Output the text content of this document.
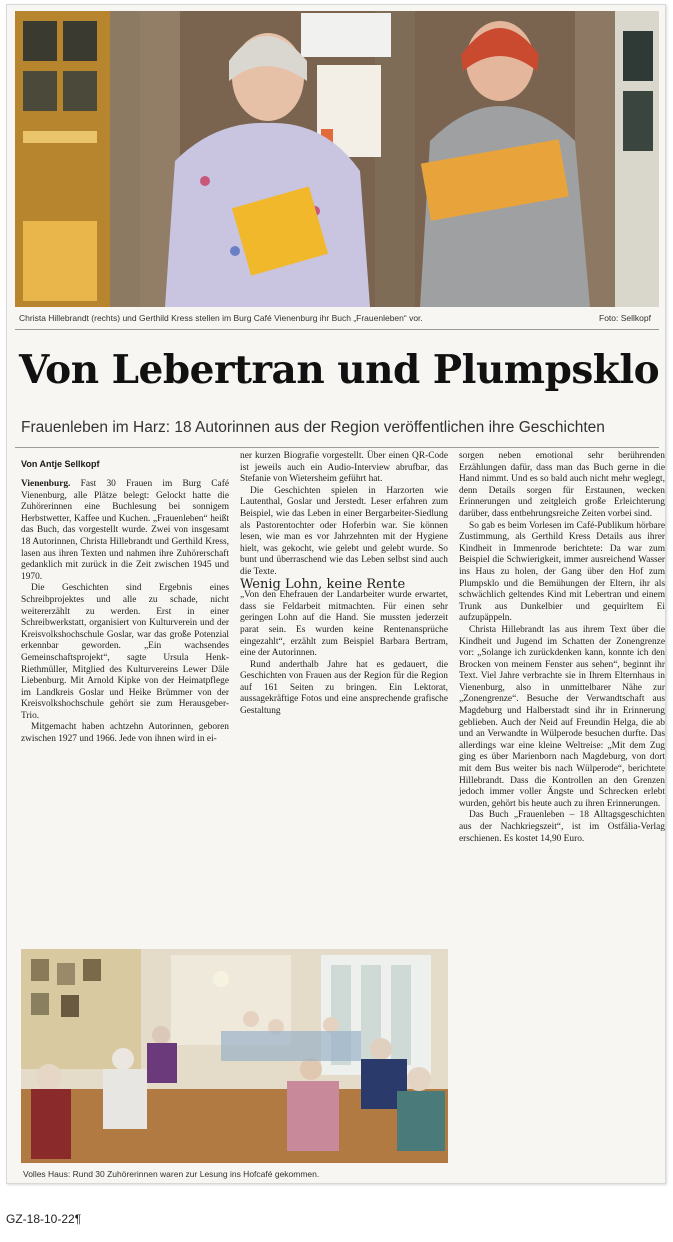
Christa Hillebrandt (rechts) und Gerthild Kress stellen im Burg Café Vienenburg ihr Buch „Frauenleben“ vor.	Foto: Sellkopf
Von Lebertran und Plumpsklo
Frauenleben im Harz: 18 Autorinnen aus der Region veröffentlichen ihre Geschichten
Von Antje Sellkopf

Vienenburg. Fast 30 Frauen im Burg Café Vienenburg, alle Plätze belegt: Gelockt hatte die Zuhörerinnen eine Buchlesung bei sonnigem Herbstwetter, Kaffee und Kuchen. „Frauenleben“ heißt das Buch, das vorgestellt wurde. Zwei von insgesamt 18 Autorinnen, Christa Hillebrandt und Gerthild Kress, lasen aus ihren Texten und nahmen ihre Zuhörerschaft gedanklich mit zurück in die Zeit zwischen 1945 und 1970.

Die Geschichten sind Ergebnis eines Schreibprojektes und alle zu schade, nicht weitererzählt zu werden. Erst in einer Schreibwerkstatt, organisiert von Kulturverein und der Kreisvolkshochschule Goslar, war das große Potenzial erkennbar geworden. „Ein wachsendes Gemeinschaftsprojekt“, sagte Ursula Henk-Riethmüller, Mitglied des Kulturvereins Lewer Däle Liebenburg. Mit Arnold Kipke von der Heimatpflege im Landkreis Goslar und Heike Brümmer von der Kreisvolkshochschule gehört sie zum Herausgeber-Trio.

Mitgemacht haben achtzehn Autorinnen, geboren zwischen 1927 und 1966. Jede von ihnen wird in ei-

ner kurzen Biografie vorgestellt. Über einen QR-Code ist jeweils auch ein Audio-Interview abrufbar, das Stefanie von Wietersheim geführt hat.

Die Geschichten spielen in Harzorten wie Lautenthal, Goslar und Jerstedt. Leser erfahren zum Beispiel, wie das Leben in einer Bergarbeiter-Siedlung als Pastorentochter oder Hoferbin war. Sie können lesen, wie man es vor Jahrzehnten mit der Hygiene hielt, was gekocht, wie gelebt und gelebt wurde. So bunt und überraschend wie das Leben selbst sind auch die Texte.

Wenig Lohn, keine Rente

„Von den Ehefrauen der Landarbeiter wurde erwartet, dass sie Feldarbeit mitmachten. Für einen sehr geringen Lohn auf die Hand. Sie mussten jederzeit parat sein. Es wurden keine Rentenansprüche eingezahlt“, erzählt zum Beispiel Barbara Bertram, eine der Autorinnen.

Rund anderthalb Jahre hat es gedauert, die Geschichten von Frauen aus der Region für die Region auf 161 Seiten zu bringen. Ein Lektorat, aussagekräftige Fotos und eine ansprechende grafische Gestaltung

sorgen neben emotional sehr berührenden Erzählungen dafür, dass man das Buch gerne in die Hand nimmt. Und es so bald auch nicht mehr weglegt, denn Details sorgen für Erstaunen, wecken Erinnerungen und zeitgleich große Erleichterung darüber, dass entbehrungsreiche Zeiten vorbei sind.

So gab es beim Vorlesen im Café-Publikum hörbare Zustimmung, als Gerthild Kress Details aus ihrer Kindheit in Immenrode berichtete: Da war zum Beispiel die Schwierigkeit, immer ausreichend Wasser ins Haus zu holen, der Gang über den Hof zum Plumpsklo und die Bemühungen der Eltern, ihr als schwächlich geltendes Kind mit Lebertran und einem Trunk aus Dunkelbier und gequirltem Ei aufzupäppeln.

Christa Hillebrandt las aus ihrem Text über die Kindheit und Jugend im Schatten der Zonengrenze vor: „Solange ich zurückdenken kann, konnte ich den Brocken von meinem Fenster aus sehen“, beginnt ihr Text. Viel Jahre verbrachte sie in Ihrem Elternhaus in Vienenburg, also in unmittelbarer Nähe zur „Zonengrenze“. Besuche der Verwandtschaft aus Magdeburg und Halberstadt sind ihr in Erinnerung geblieben. Auch der Neid auf Freundin Helga, die ab und an Verwandte in Wülperode besuchen durfte. Das allerdings war eine kleine Weltreise: „Mit dem Zug ging es über Marienborn nach Magdeburg, von dort mit dem Bus weiter bis nach Wülperode“, berichtete Hillebrandt. Dass die Kontrollen an den Grenzen jedoch immer voller Ängste und Schrecken erlebt wurden, gehört bis heute auch zu ihren Erinnerungen.

Das Buch „Frauenleben – 18 Alltagsgeschichten aus der Nachkriegszeit“, ist im Ostfälia-Verlag erschienen. Es kostet 14,90 Euro.

Volles Haus: Rund 30 Zuhörerinnen waren zur Lesung ins Hofcafé gekommen.
GZ-18-10-22¶
